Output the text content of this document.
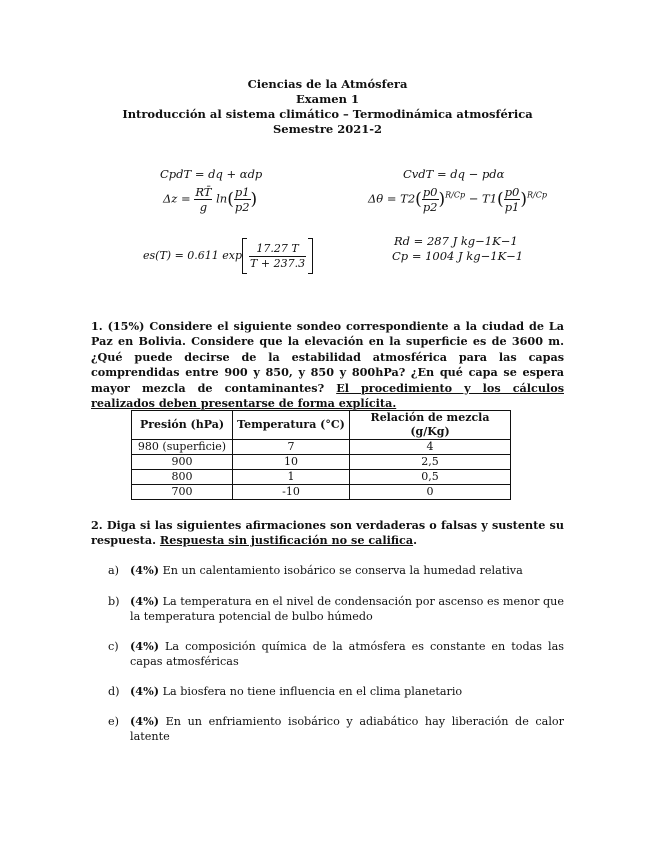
Ciencias de la Atmósfera
Examen 1
Introducción al sistema climático – Termodinámica atmosférica
Semestre 2021-2
CpdT = dq + αdp	CvdT = dq − pdα
$\Delta z = \frac{RT̄}{g} \ln( \frac{p1}{p2}$ )	$\Delta\theta = T2( \frac{p0}{p2} )^{R/Cp} - T1( \frac{p0}{p1} )^{R/Cp}$
es(T) = 0.611 $\exp \frac{17.27 T}{T + 237.3}$
Rd = 287 J kg−1K−1
Cp = 1004 J kg−1K−1
1. (15%) Considere el siguiente sondeo correspondiente a la ciudad de La Paz en Bolivia. Considere que la elevación en la superficie es de 3600 m. ¿Qué puede decirse de la estabilidad atmosférica para las capas comprendidas entre 900 y 850, y 850 y 800hPa? ¿En qué capa se espera mayor mezcla de contaminantes? El procedimiento y los cálculos realizados deben presentarse de forma explícita.
Presión (hPa)	Temperatura (°C)	Relación de mezcla (g/Kg)
980 (superficie)	7	4
900	10	2,5
800	1	0,5
700	-10	0
2. Diga si las siguientes afirmaciones son verdaderas o falsas y sustente su respuesta. Respuesta sin justificación no se califica.
a) (4%) En un calentamiento isobárico se conserva la humedad relativa
b) (4%) La temperatura en el nivel de condensación por ascenso es menor que la temperatura potencial de bulbo húmedo
c)	(4%) La composición química de la atmósfera es constante en todas las capas atmosféricas
d) (4%) La biosfera no tiene influencia en el clima planetario
e) (4%) En un enfriamiento isobárico y adiabático hay liberación de calor latente
